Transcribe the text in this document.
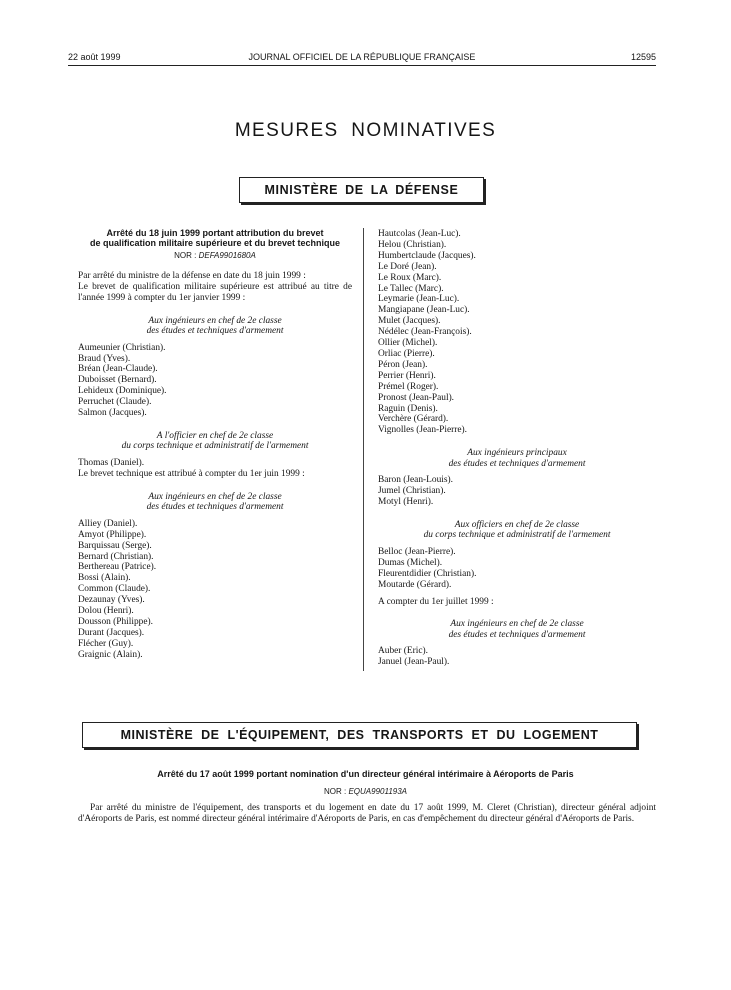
22 août 1999	JOURNAL OFFICIEL DE LA RÉPUBLIQUE FRANÇAISE	12595
MESURES NOMINATIVES
MINISTÈRE DE LA DÉFENSE
Arrêté du 18 juin 1999 portant attribution du brevet
de qualification militaire supérieure et du brevet technique
NOR : DEFA9901680A
Par arrêté du ministre de la défense en date du 18 juin 1999 :
Le brevet de qualification militaire supérieure est attribué au titre de l'année 1999 à compter du 1er janvier 1999 :
Aux ingénieurs en chef de 2e classe
des études et techniques d'armement
Aumeunier (Christian).
Braud (Yves).
Bréan (Jean-Claude).
Duboisset (Bernard).
Lehideux (Dominique).
Perruchet (Claude).
Salmon (Jacques).
A l'officier en chef de 2e classe
du corps technique et administratif de l'armement
Thomas (Daniel).
Le brevet technique est attribué à compter du 1er juin 1999 :
Aux ingénieurs en chef de 2e classe
des études et techniques d'armement
Alliey (Daniel).
Amyot (Philippe).
Barquissau (Serge).
Bernard (Christian).
Berthereau (Patrice).
Bossi (Alain).
Common (Claude).
Dezaunay (Yves).
Dolou (Henri).
Dousson (Philippe).
Durant (Jacques).
Flécher (Guy).
Graignic (Alain).
Hautcolas (Jean-Luc).
Helou (Christian).
Humbertclaude (Jacques).
Le Doré (Jean).
Le Roux (Marc).
Le Tallec (Marc).
Leymarie (Jean-Luc).
Mangiapane (Jean-Luc).
Mulet (Jacques).
Nédélec (Jean-François).
Ollier (Michel).
Orliac (Pierre).
Péron (Jean).
Perrier (Henri).
Prémel (Roger).
Pronost (Jean-Paul).
Raguin (Denis).
Verchère (Gérard).
Vignolles (Jean-Pierre).
Aux ingénieurs principaux
des études et techniques d'armement
Baron (Jean-Louis).
Jumel (Christian).
Motyl (Henri).
Aux officiers en chef de 2e classe
du corps technique et administratif de l'armement
Belloc (Jean-Pierre).
Dumas (Michel).
Fleurentdidier (Christian).
Moutarde (Gérard).
A compter du 1er juillet 1999 :
Aux ingénieurs en chef de 2e classe
des études et techniques d'armement
Auber (Eric).
Januel (Jean-Paul).
MINISTÈRE DE L'ÉQUIPEMENT, DES TRANSPORTS ET DU LOGEMENT
Arrêté du 17 août 1999 portant nomination d'un directeur général intérimaire à Aéroports de Paris
NOR : EQUA9901193A
Par arrêté du ministre de l'équipement, des transports et du logement en date du 17 août 1999, M. Cleret (Christian), directeur général adjoint d'Aéroports de Paris, est nommé directeur général intérimaire d'Aéroports de Paris, en cas d'empêchement du directeur général d'Aéroports de Paris.
